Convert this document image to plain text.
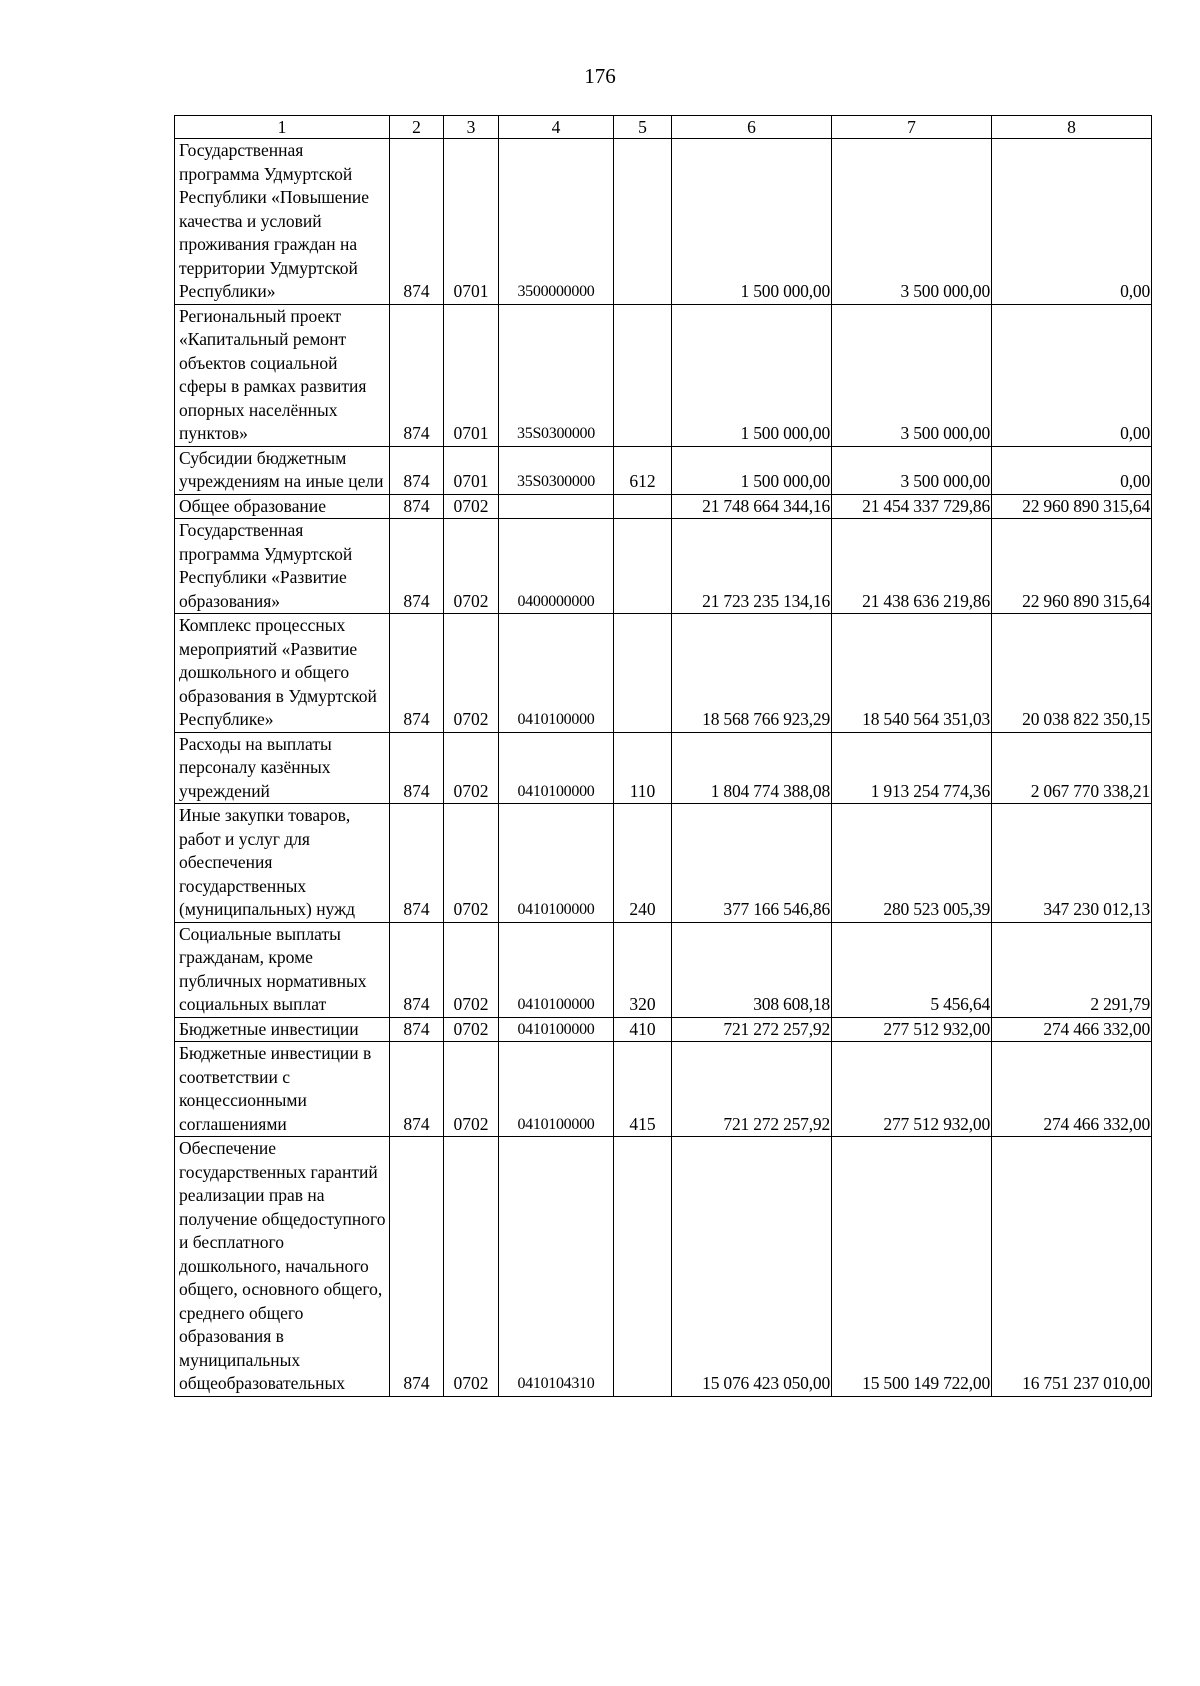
176
1	2	3	4	5	6	7	8
Государственная программа Удмуртской Республики «Повышение качества и условий проживания граждан на территории Удмуртской Республики»	874	0701	3500000000		1 500 000,00	3 500 000,00	0,00
Региональный проект «Капитальный ремонт объектов социальной сферы в рамках развития опорных населённых пунктов»	874	0701	35S0300000		1 500 000,00	3 500 000,00	0,00
Субсидии бюджетным учреждениям на иные цели	874	0701	35S0300000	612	1 500 000,00	3 500 000,00	0,00
Общее образование	874	0702			21 748 664 344,16	21 454 337 729,86	22 960 890 315,64
Государственная программа Удмуртской Республики «Развитие образования»	874	0702	0400000000		21 723 235 134,16	21 438 636 219,86	22 960 890 315,64
Комплекс процессных мероприятий «Развитие дошкольного и общего образования в Удмуртской Республике»	874	0702	0410100000		18 568 766 923,29	18 540 564 351,03	20 038 822 350,15
Расходы на выплаты персоналу казённых учреждений	874	0702	0410100000	110	1 804 774 388,08	1 913 254 774,36	2 067 770 338,21
Иные закупки товаров, работ и услуг для обеспечения государственных (муниципальных) нужд	874	0702	0410100000	240	377 166 546,86	280 523 005,39	347 230 012,13
Социальные выплаты гражданам, кроме публичных нормативных социальных выплат	874	0702	0410100000	320	308 608,18	5 456,64	2 291,79
Бюджетные инвестиции	874	0702	0410100000	410	721 272 257,92	277 512 932,00	274 466 332,00
Бюджетные инвестиции в соответствии с концессионными соглашениями	874	0702	0410100000	415	721 272 257,92	277 512 932,00	274 466 332,00
Обеспечение государственных гарантий реализации прав на получение общедоступного и бесплатного дошкольного, начального общего, основного общего, среднего общего образования в муниципальных общеобразовательных	874	0702	0410104310		15 076 423 050,00	15 500 149 722,00	16 751 237 010,00
